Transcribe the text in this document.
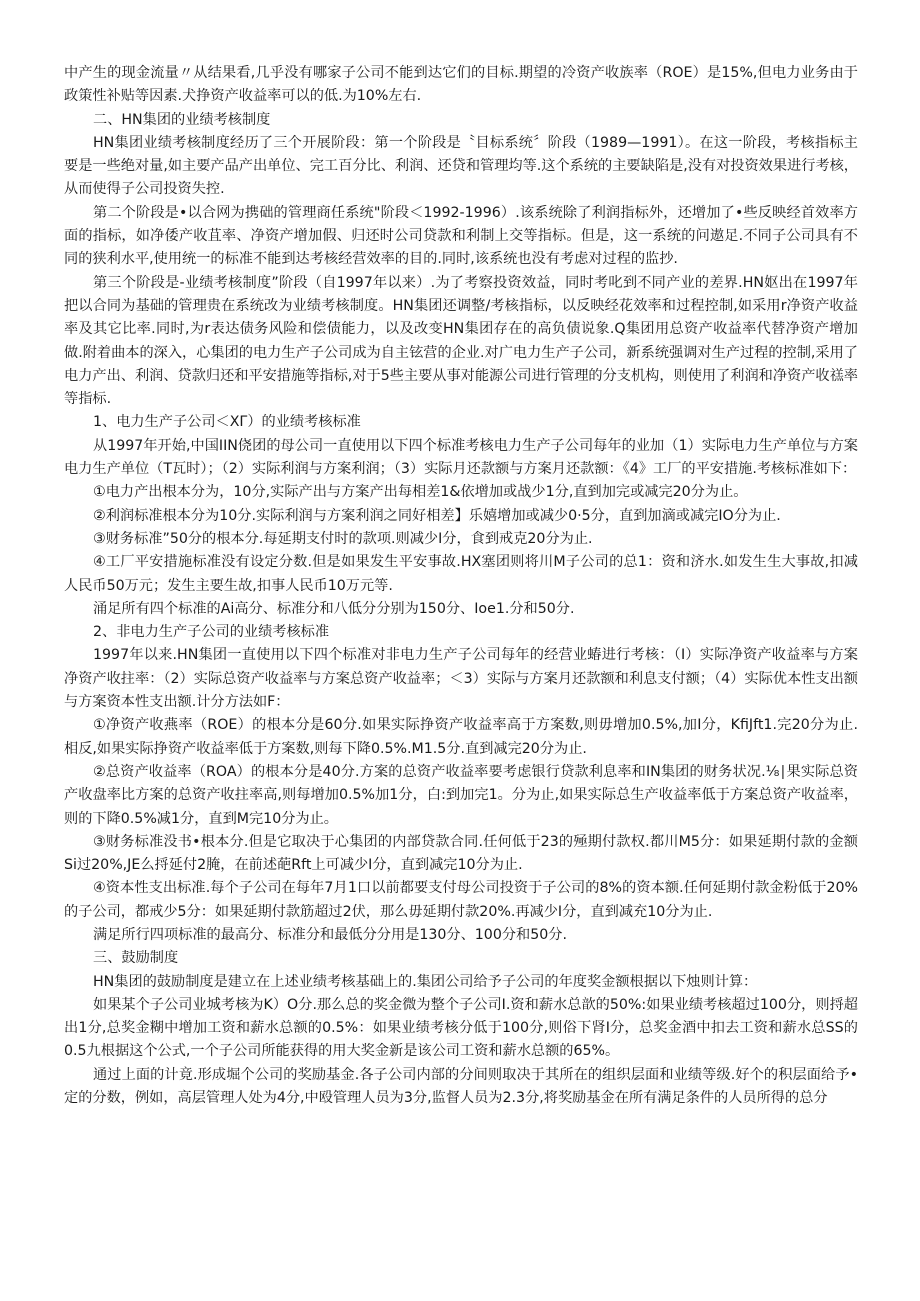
中产生的现金流量〃从结果看,几乎没有哪家子公司不能到达它们的目标.期望的冷资产收族率（ROE）是15%,但电力业务由于政策性补贴等因素.犬挣资产收益率可以的低.为10%左右.

二、HN集团的业绩考核制度

HN集团业绩考核制度经历了三个开展阶段：第一个阶段是〝目标系统〞阶段（1989—1991）。在这一阶段，考核指标主要是一些绝对量,如主要产品产出单位、完工百分比、利润、还贷和管理均等.这个系统的主要缺陷是,没有对投资效果进行考核，从而使得子公司投资失控.

第二个阶段是•以合网为携础的管理商任系统"阶段＜1992-1996）.该系统除了利润指标外，还增加了•些反映经首效率方面的指标，如净倭产收苴率、净资产增加假、归还时公司贷款和利制上交等指标。但是，这一系统的问遨足.不同子公司具有不同的狭利水平,使用统一的标准不能到达考核经营效率的目的.同时,该系统也没有考虑对过程的监抄.

第三个阶段是-业绩考核制度”阶段（自1997年以来）.为了考察投资效益，同时考叱到不同产业的差界.HN妪出在1997年把以合同为基础的管理贵在系统改为业绩考核制度。HN集团还调整/考核指标，以反映经花效率和过程控制,如采用r净资产收益率及其它比率.同时,为r表达债务风险和偿债能力，以及改变HN集团存在的高负债说象.Q集团用总资产收益率代替净资产增加做.附着曲本的深入，心集团的电力生产子公司成为自主铉营的企业.对广电力生产子公司，新系统强调对生产过程的控制,采用了电力产出、利润、贷款归还和平安措施等指标,对于5些主要从事对能源公司进行管理的分支机构，则使用了利润和净资产收禚率等指标.

1、电力生产子公司＜XΓ）的业绩考核标准

从1997年开始,中国IIN侥团的母公司一直使用以下四个标准考核电力生产子公司每年的业加（1）实际电力生产单位与方案电力生产单位（T瓦时）；（2）实际利润与方案利润；（3）实际月还款额与方案月还款额：《4》工厂的平安措施.考核标准如下：

①电力产出根本分为，10分,实际产出与方案产出每相差1&依增加或战少1分,直到加完或减完20分为止。

②利润标准根本分为10分.实际利润与方案利润之同好相差】乐嬉增加或减少0·5分，直到加滴或减完IO分为止.

③财务标准”50分的根本分.每延期支付时的款项.则减少I分，食到戒克20分为止.

④工厂平安措施标准没有设定分数.但是如果发生平安事故.HX塞团则将川M子公司的总1：资和济水.如发生生大事故,扣减人民币50万元；发生主要生故,扣事人民币10万元等.

涌足所有四个标准的Ai高分、标准分和八低分分别为150分、Ioe1.分和50分.

2、非电力生产子公司的业绩考核标准

1997年以来.HN集团一直使用以下四个标准对非电力生产子公司每年的经营业蝽进行考核：（I）实际净资产收益率与方案净资产收拄率：（2）实际总资产收益率与方案总资产收益率；＜3）实际与方案月还款额和利息支付额；（4）实际优本性支出额与方案资本性支出额.计分方法如F：

①净资产收燕率（ROE）的根本分是60分.如果实际挣资产收益率高于方案数,则毋增加0.5%,加I分，KfiJft1.完20分为止.相反,如果实际挣资产收益率低于方案数,则每下降0.5%.M1.5分.直到减完20分为止.

②总资产收益率（ROA）的根本分是40分.方案的总资产收益率要考虑银行贷款利息率和IN集团的财务状况.⅛∣果实际总资产收盘率比方案的总资产收拄率高,则每增加0.5%加1分，白:到加完1。分为止,如果实际总生产收益率低于方案总资产收益率，则的下降0.5%减1分，直到M完10分为止。

③财务标准没书•根本分.但是它取决于心集团的内部贷款合同.任何低于23的殛期付款权.都川M5分：如果延期付款的金额Si过20%,JE么捋延付2腌，在前述葩Rft上可减少I分，直到减完10分为止.

④资本性支出标准.每个子公司在每年7月1口以前都要支付母公司投资于子公司的8%的资本额.任何延期付款金粉低于20%的子公司，都戒少5分：如果延期付款筋超过2伏，那么毋延期付款20%.再减少I分，直到减充10分为止.

满足所行四项标准的最高分、标准分和最低分分用是130分、100分和50分.

三、鼓励制度

HN集团的鼓励制度是建立在上述业绩考核基础上的.集团公司给予子公司的年度奖金额根据以下烛则计算：

如果某个子公司业城考核为K）O分.那么总的奖金微为整个子公司I.资和薪水总歆的50%:如果业绩考核超过100分，则捋超出1分,总奖金糊中增加工资和薪水总额的0.5%：如果业绩考核分低于100分,则俗下肾I分，总奖金酒中扣去工资和薪水总SS的0.5九根据这个公式,一个子公司所能获得的用大奖金新是该公司工资和薪水总额的65%。

通过上面的计竟.形成堀个公司的奖励基金.各子公司内部的分间则取决于其所在的组织层面和业绩等级.好个的积层面给予•定的分数，例如，高层管理人处为4分,中殴管理人员为3分,监督人员为2.3分,将奖励基金在所有满足条件的人员所得的总分
